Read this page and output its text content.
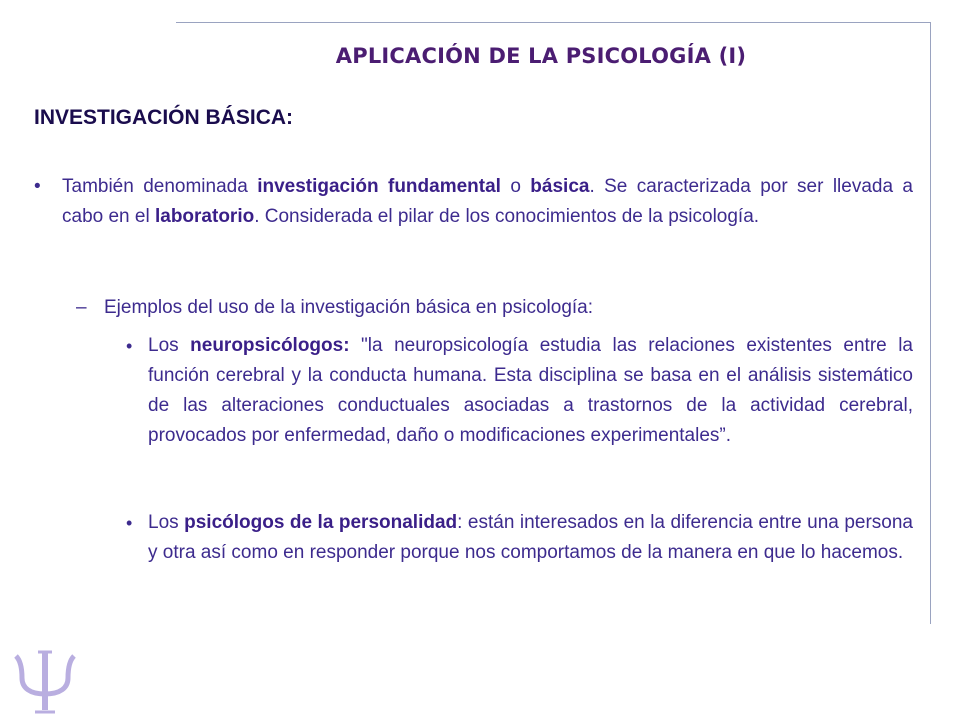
APLICACIÓN DE LA PSICOLOGÍA (I)
INVESTIGACIÓN BÁSICA:
•	También denominada investigación fundamental o básica. Se caracterizada por ser llevada a cabo en el laboratorio. Considerada el pilar de los conocimientos de la psicología.
– Ejemplos del uso de la investigación básica en psicología:
• Los neuropsicólogos: "la neuropsicología estudia las relaciones existentes entre la función cerebral y la conducta humana. Esta disciplina se basa en el análisis sistemático de las alteraciones conductuales asociadas a trastornos de la actividad cerebral, provocados por enfermedad, daño o modificaciones experimentales”.
• Los psicólogos de la personalidad: están interesados en la diferencia entre una persona y otra así como en responder porque nos comportamos de la manera en que lo hacemos.
